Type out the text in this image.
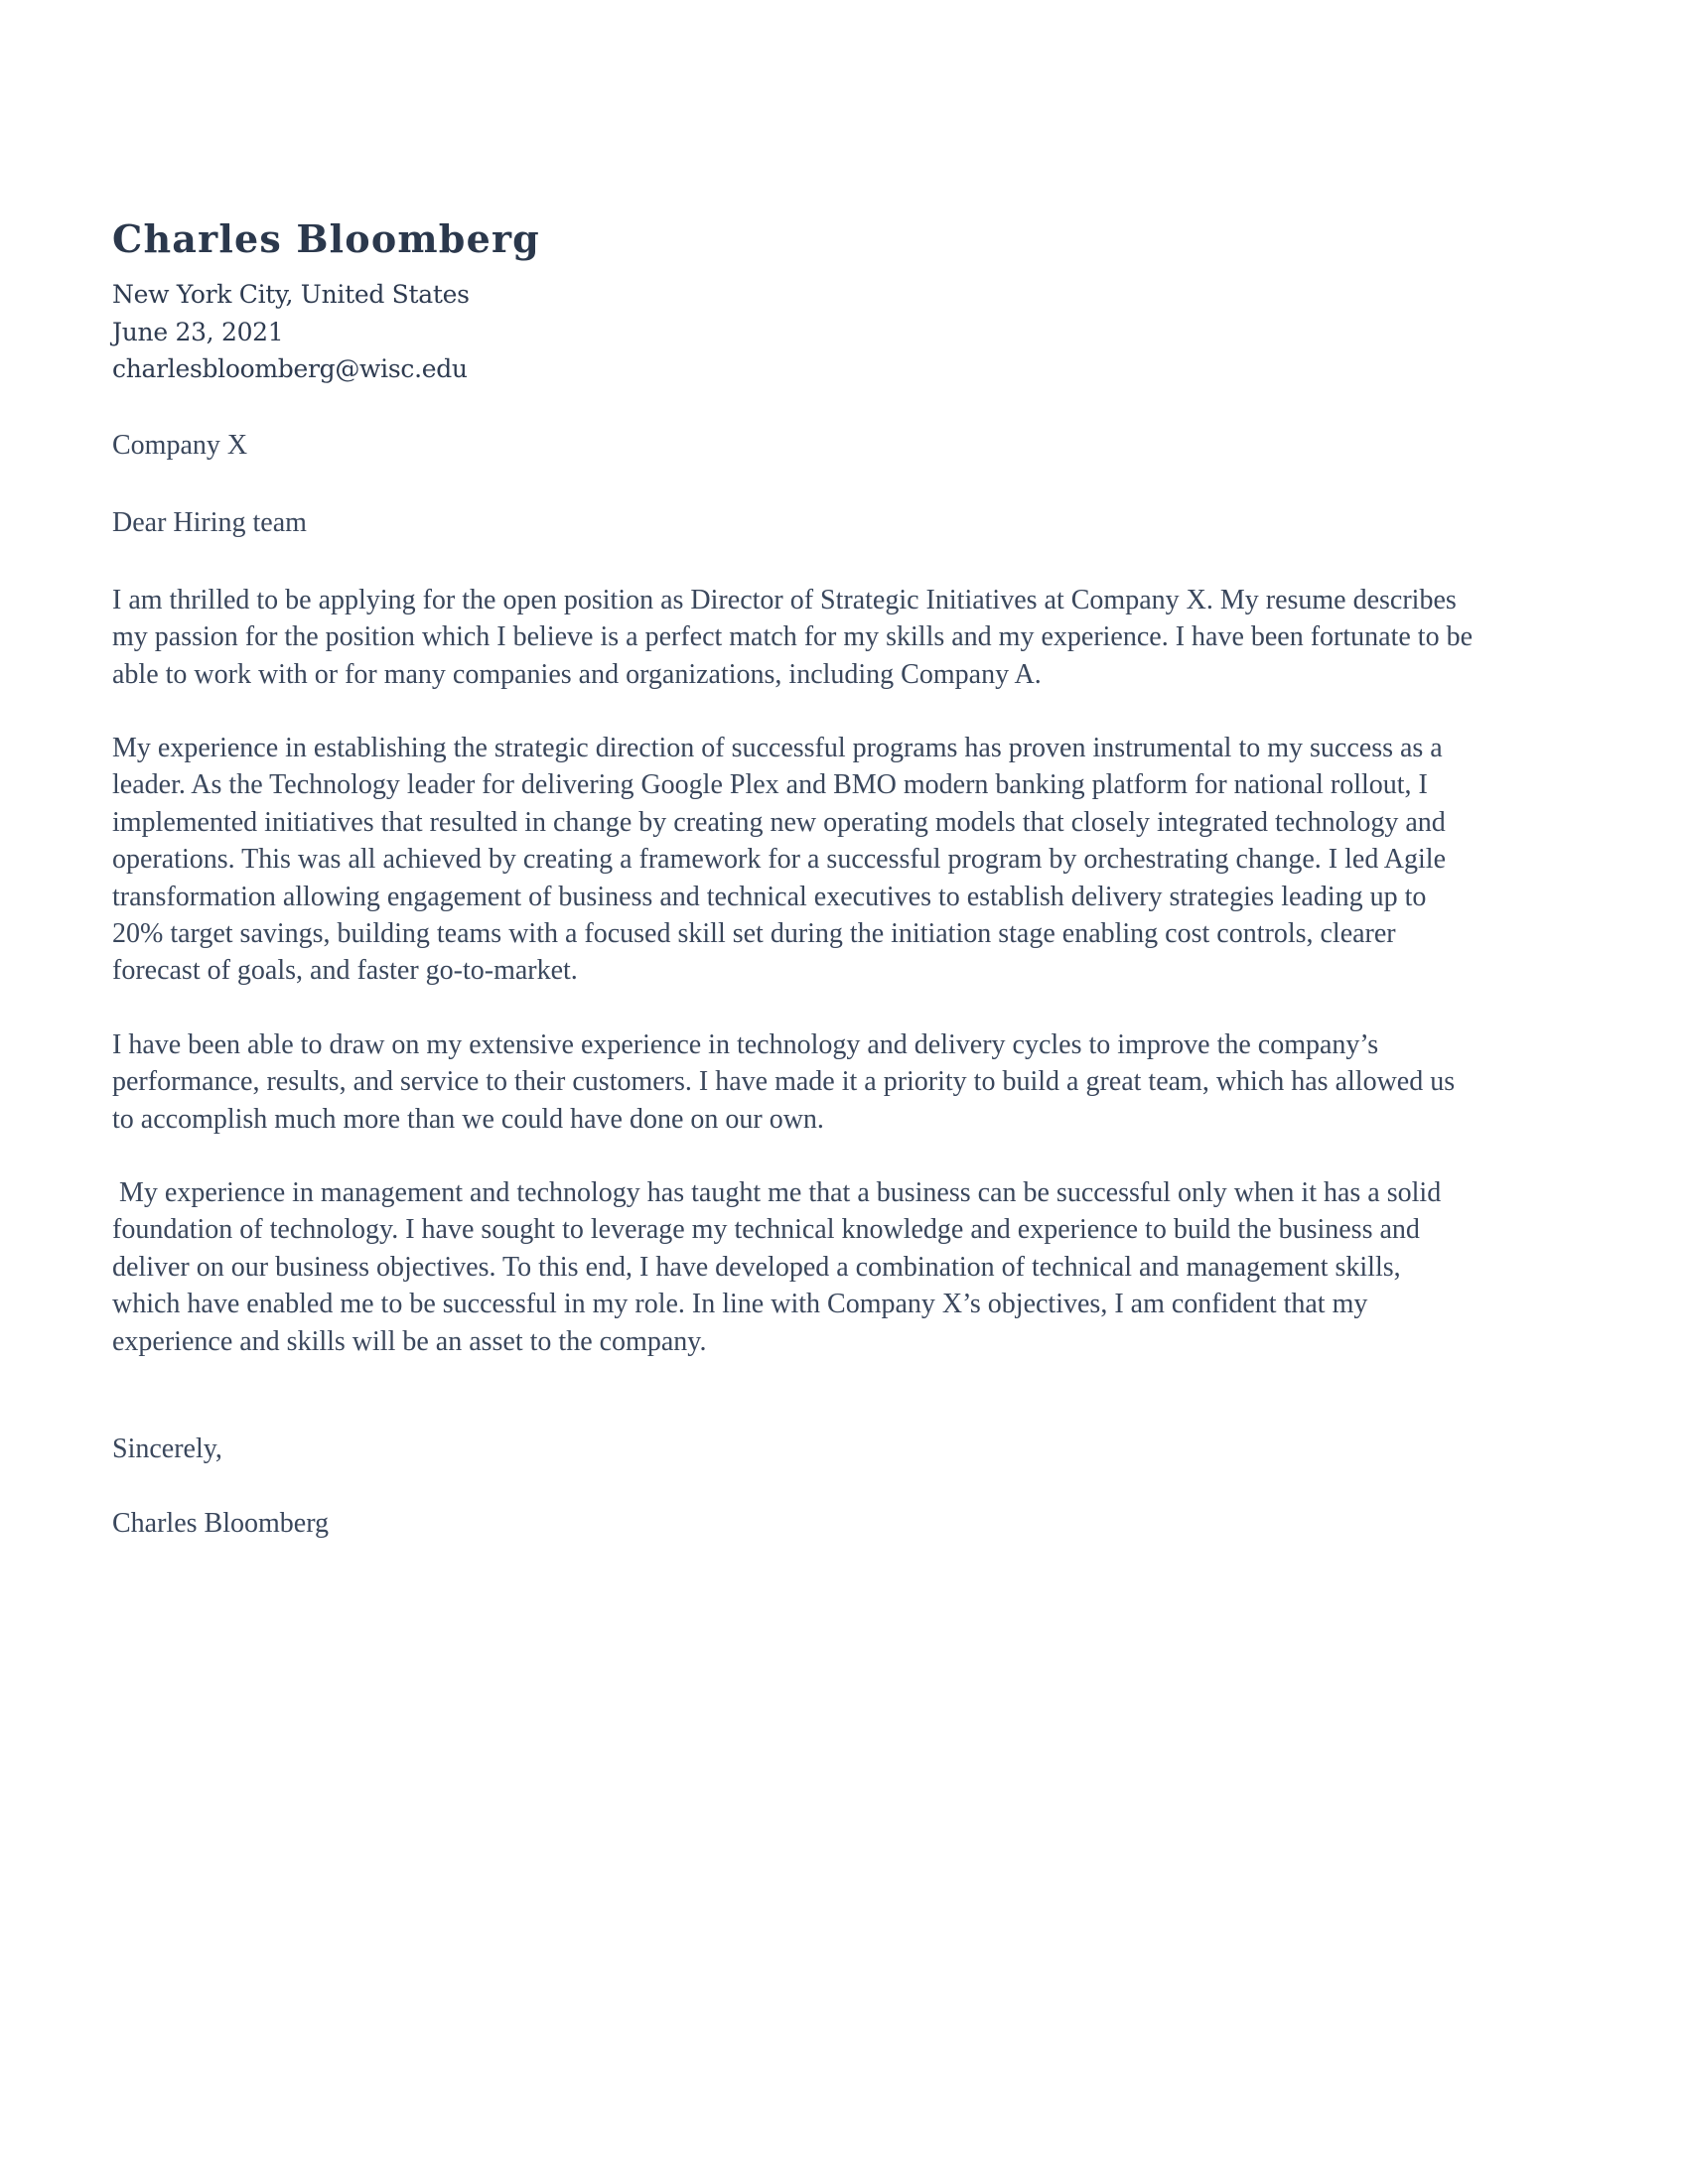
Charles Bloomberg
New York City, United States
June 23, 2021
charlesbloomberg@wisc.edu

Company X

Dear Hiring team

I am thrilled to be applying for the open position as Director of Strategic Initiatives at Company X. My resume describes
my passion for the position which I believe is a perfect match for my skills and my experience. I have been fortunate to be
able to work with or for many companies and organizations, including Company A.

My experience in establishing the strategic direction of successful programs has proven instrumental to my success as a
leader. As the Technology leader for delivering Google Plex and BMO modern banking platform for national rollout, I
implemented initiatives that resulted in change by creating new operating models that closely integrated technology and
operations. This was all achieved by creating a framework for a successful program by orchestrating change. I led Agile
transformation allowing engagement of business and technical executives to establish delivery strategies leading up to
20% target savings, building teams with a focused skill set during the initiation stage enabling cost controls, clearer
forecast of goals, and faster go-to-market.

I have been able to draw on my extensive experience in technology and delivery cycles to improve the company’s
performance, results, and service to their customers. I have made it a priority to build a great team, which has allowed us
to accomplish much more than we could have done on our own.

My experience in management and technology has taught me that a business can be successful only when it has a solid
foundation of technology. I have sought to leverage my technical knowledge and experience to build the business and
deliver on our business objectives. To this end, I have developed a combination of technical and management skills,
which have enabled me to be successful in my role. In line with Company X’s objectives, I am confident that my
experience and skills will be an asset to the company.

Sincerely,

Charles Bloomberg
